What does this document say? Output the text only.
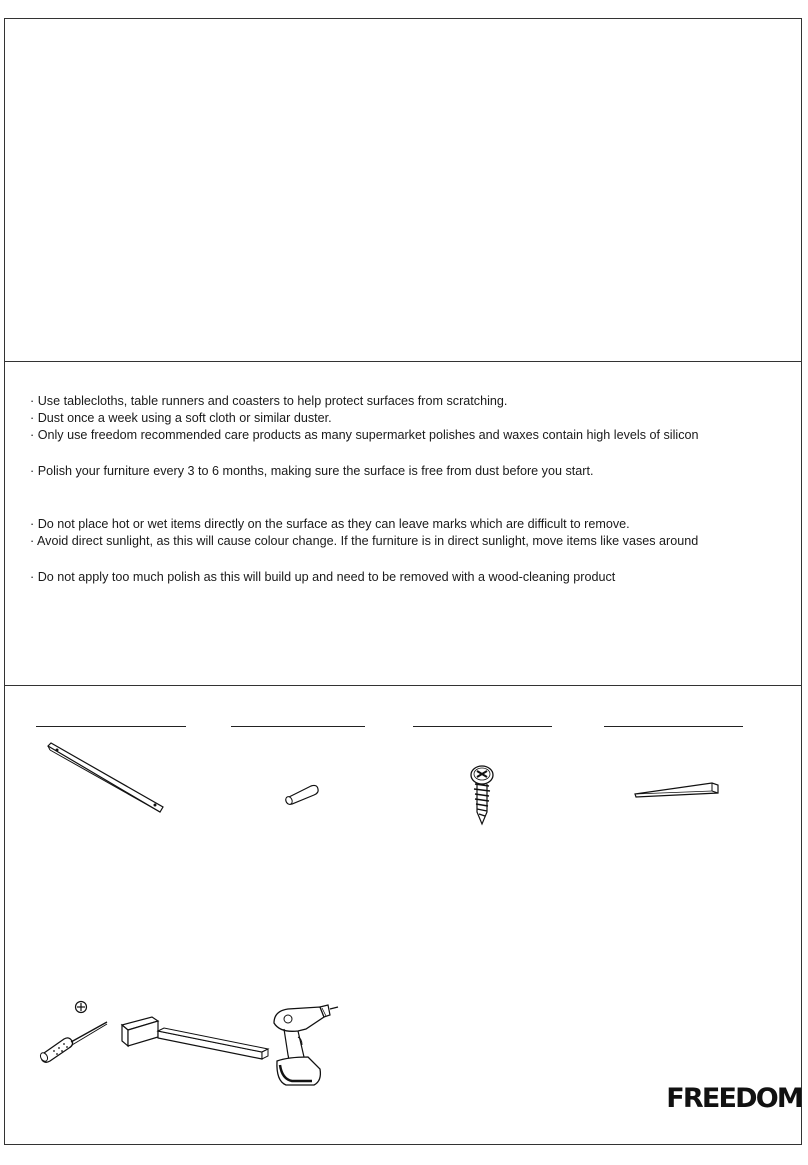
· Use tablecloths, table runners and coasters to help protect surfaces from scratching.
· Dust once a week using a soft cloth or similar duster.
· Only use freedom recommended care products as many supermarket polishes and waxes contain high levels of silicon
· Polish your furniture every 3 to 6 months, making sure the surface is free from dust before you start.
· Do not place hot or wet items directly on the surface as they can leave marks which are difficult to remove.
· Avoid direct sunlight, as this will cause colour change. If the furniture is in direct sunlight, move items like vases around
· Do not apply too much polish as this will build up and need to be removed with a wood-cleaning product
FREEDOM
